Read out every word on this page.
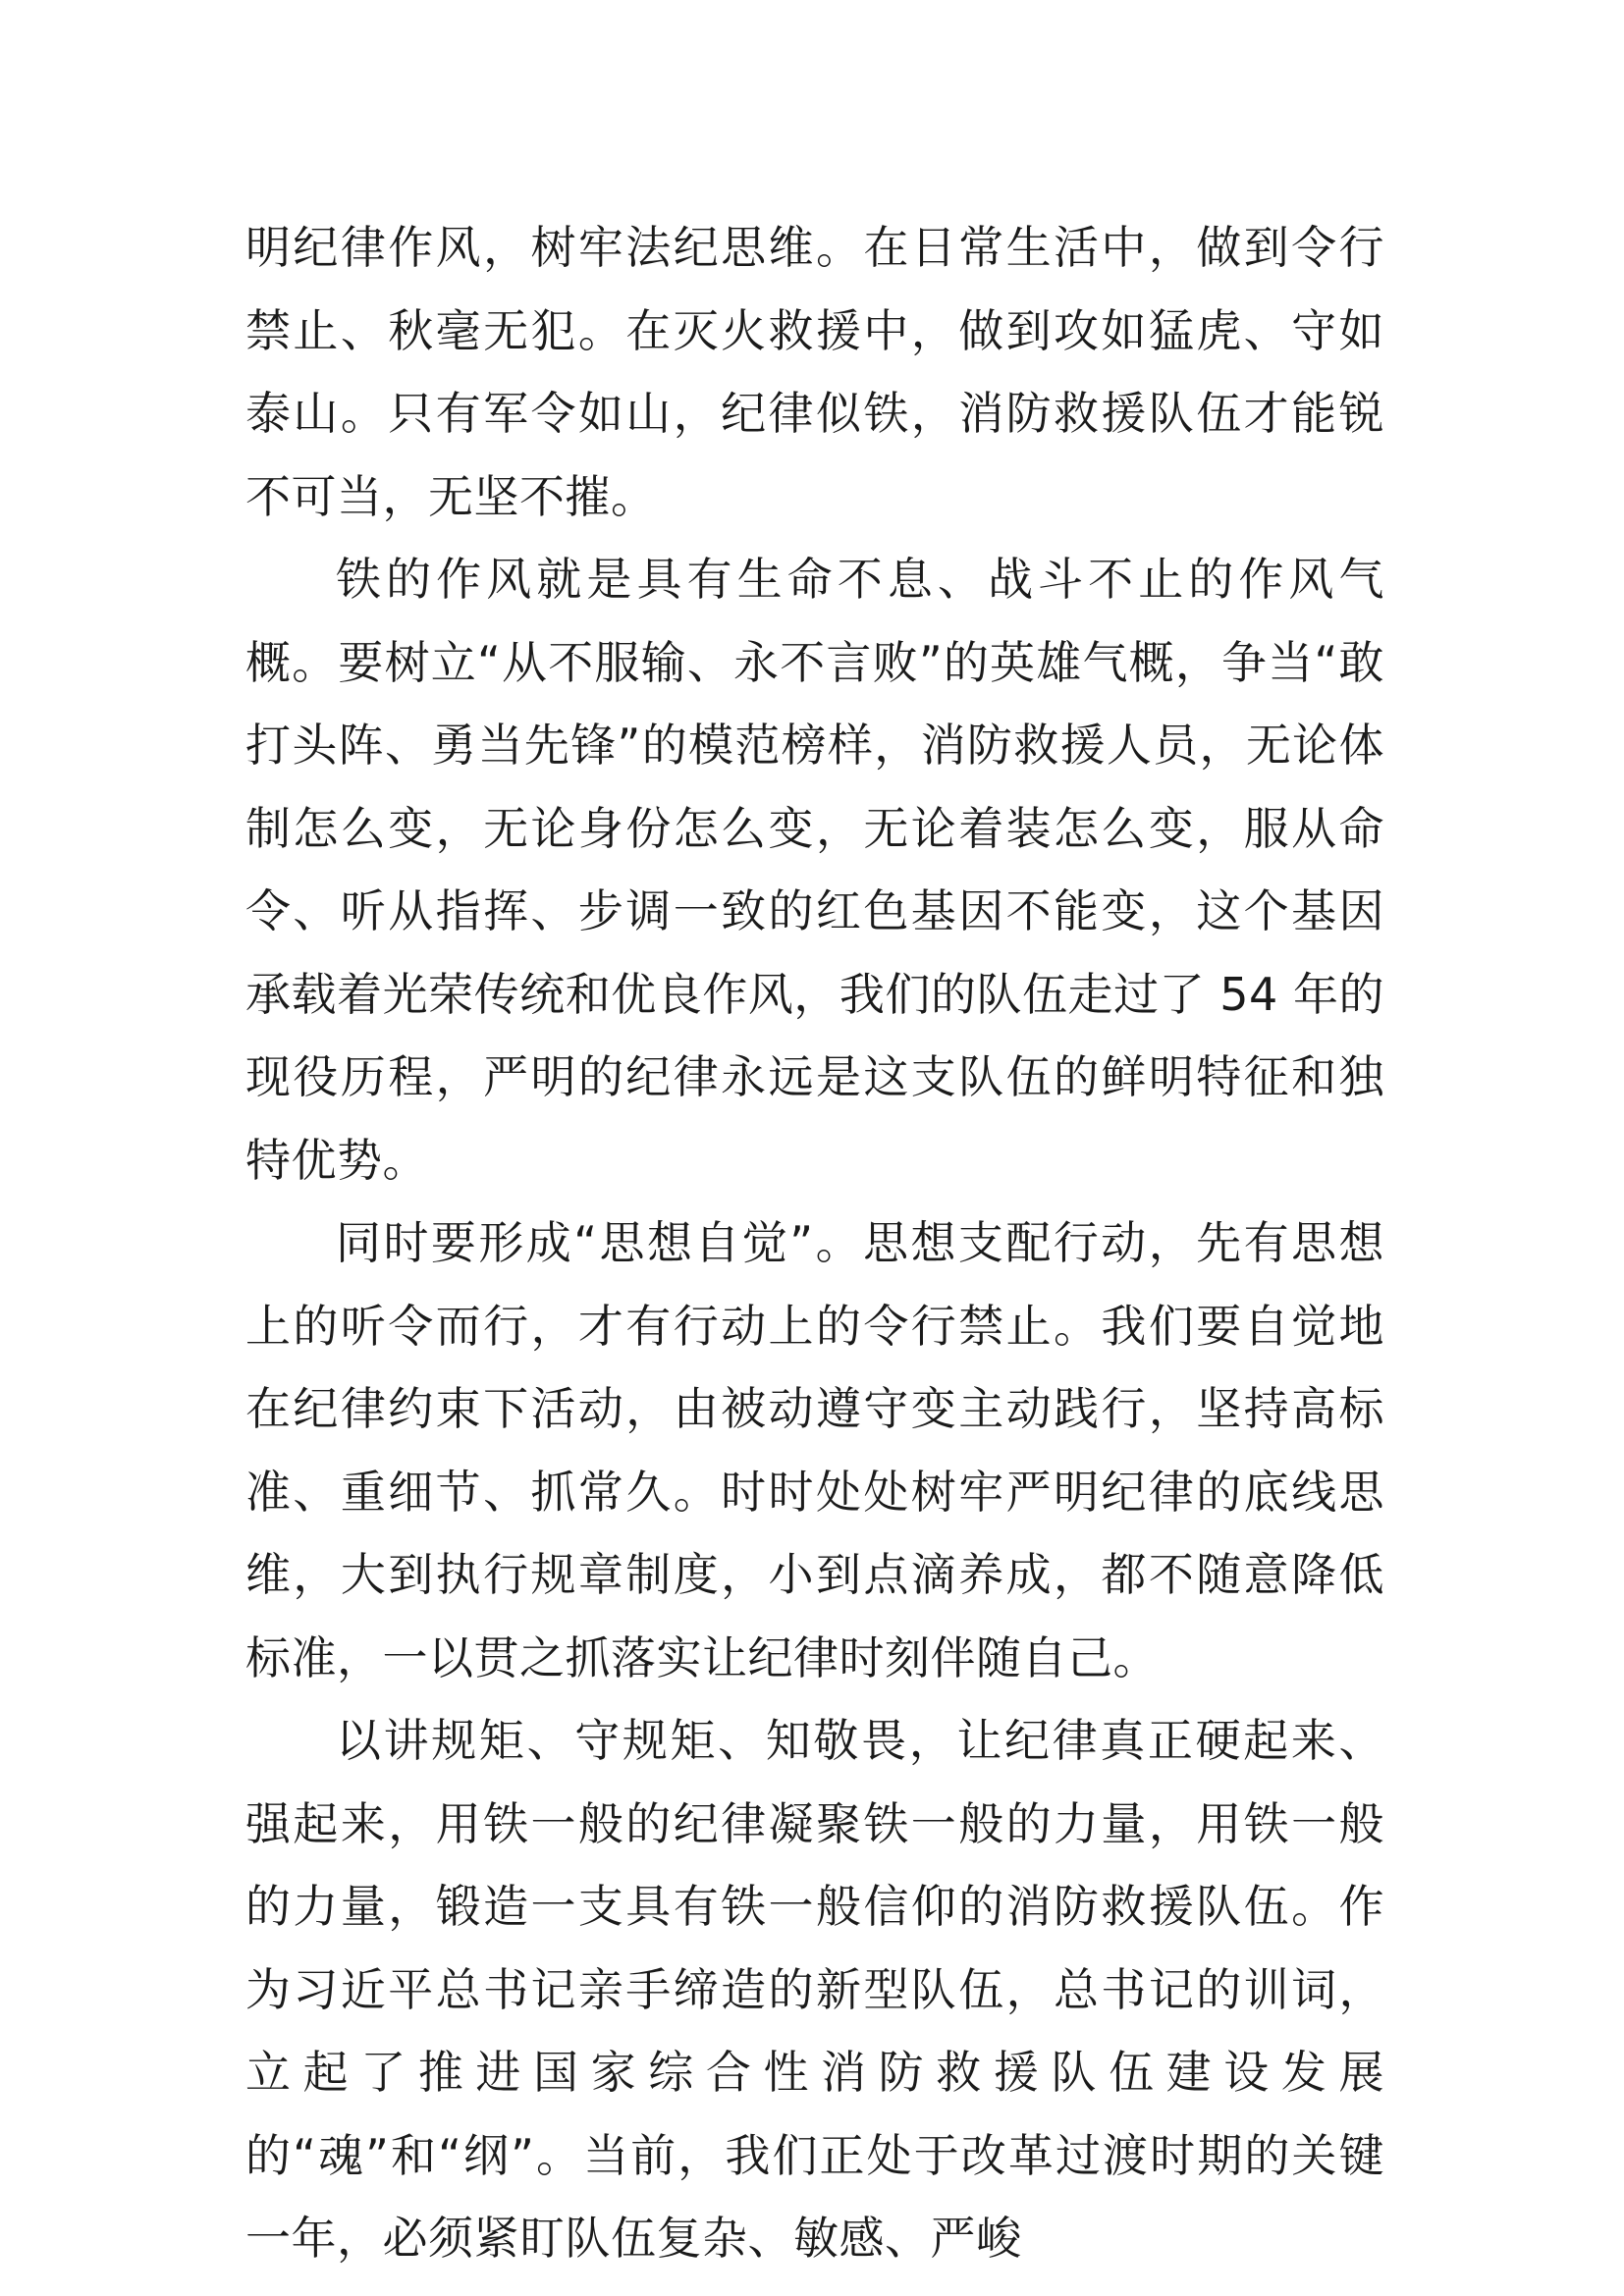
明纪律作风，树牢法纪思维。在日常生活中，做到令行禁止、秋毫无犯。在灭火救援中，做到攻如猛虎、守如泰山。只有军令如山，纪律似铁，消防救援队伍才能锐不可当，无坚不摧。

铁的作风就是具有生命不息、战斗不止的作风气概。要树立“从不服输、永不言败”的英雄气概，争当“敢打头阵、勇当先锋”的模范榜样，消防救援人员，无论体制怎么变，无论身份怎么变，无论着装怎么变，服从命令、听从指挥、步调一致的红色基因不能变，这个基因承载着光荣传统和优良作风，我们的队伍走过了 54 年的现役历程，严明的纪律永远是这支队伍的鲜明特征和独特优势。

同时要形成“思想自觉”。思想支配行动，先有思想上的听令而行，才有行动上的令行禁止。我们要自觉地在纪律约束下活动，由被动遵守变主动践行，坚持高标准、重细节、抓常久。时时处处树牢严明纪律的底线思维，大到执行规章制度，小到点滴养成，都不随意降低标准，一以贯之抓落实让纪律时刻伴随自己。

以讲规矩、守规矩、知敬畏，让纪律真正硬起来、强起来，用铁一般的纪律凝聚铁一般的力量，用铁一般的力量，锻造一支具有铁一般信仰的消防救援队伍。作为习近平总书记亲手缔造的新型队伍，总书记的训词，立起了推进国家综合性消防救援队伍建设发展的“魂”和“纲”。当前，我们正处于改革过渡时期的关键一年，必须紧盯队伍复杂、敏感、严峻
